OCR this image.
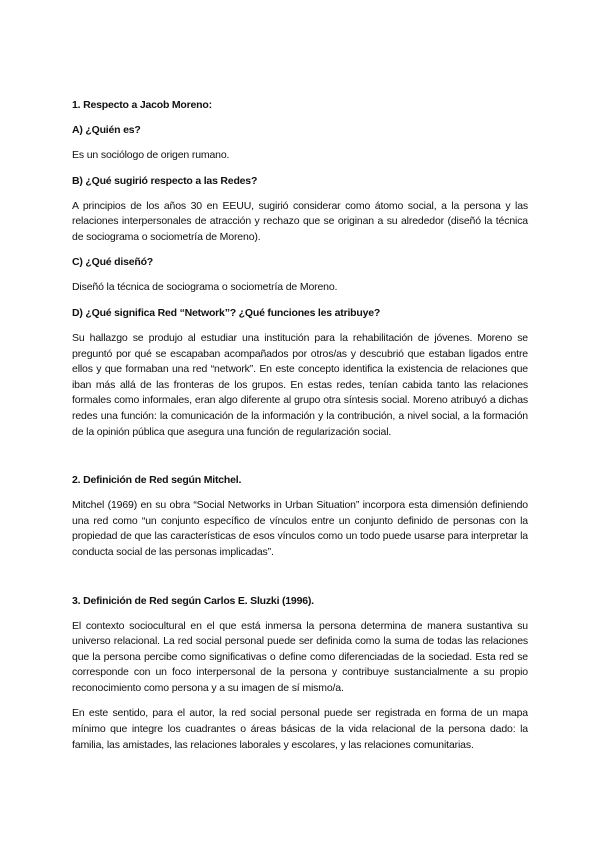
1. Respecto a Jacob Moreno:

A) ¿Quién es?

Es un sociólogo de origen rumano.

B) ¿Qué sugirió respecto a las Redes?

A principios de los años 30 en EEUU, sugirió considerar como átomo social, a la persona y las relaciones interpersonales de atracción y rechazo que se originan a su alrededor (diseñó la técnica de sociograma o sociometría de Moreno).

C) ¿Qué diseñó?

Diseñó la técnica de sociograma o sociometría de Moreno.

D) ¿Qué significa Red “Network”? ¿Qué funciones les atribuye?

Su hallazgo se produjo al estudiar una institución para la rehabilitación de jóvenes. Moreno se preguntó por qué se escapaban acompañados por otros/as y descubrió que estaban ligados entre ellos y que formaban una red “network”. En este concepto identifica la existencia de relaciones que iban más allá de las fronteras de los grupos. En estas redes, tenían cabida tanto las relaciones formales como informales, eran algo diferente al grupo otra síntesis social. Moreno atribuyó a dichas redes una función: la comunicación de la información y la contribución, a nivel social, a la formación de la opinión pública que asegura una función de regularización social.

2. Definición de Red según Mitchel.

Mitchel (1969) en su obra “Social Networks in Urban Situation” incorpora esta dimensión definiendo una red como “un conjunto específico de vínculos entre un conjunto definido de personas con la propiedad de que las características de esos vínculos como un todo puede usarse para interpretar la conducta social de las personas implicadas”.

3. Definición de Red según Carlos E. Sluzki (1996).

El contexto sociocultural en el que está inmersa la persona determina de manera sustantiva su universo relacional. La red social personal puede ser definida como la suma de todas las relaciones que la persona percibe como significativas o define como diferenciadas de la sociedad. Esta red se corresponde con un foco interpersonal de la persona y contribuye sustancialmente a su propio reconocimiento como persona y a su imagen de sí mismo/a.

En este sentido, para el autor, la red social personal puede ser registrada en forma de un mapa mínimo que integre los cuadrantes o áreas básicas de la vida relacional de la persona dado: la familia, las amistades, las relaciones laborales y escolares, y las relaciones comunitarias.
